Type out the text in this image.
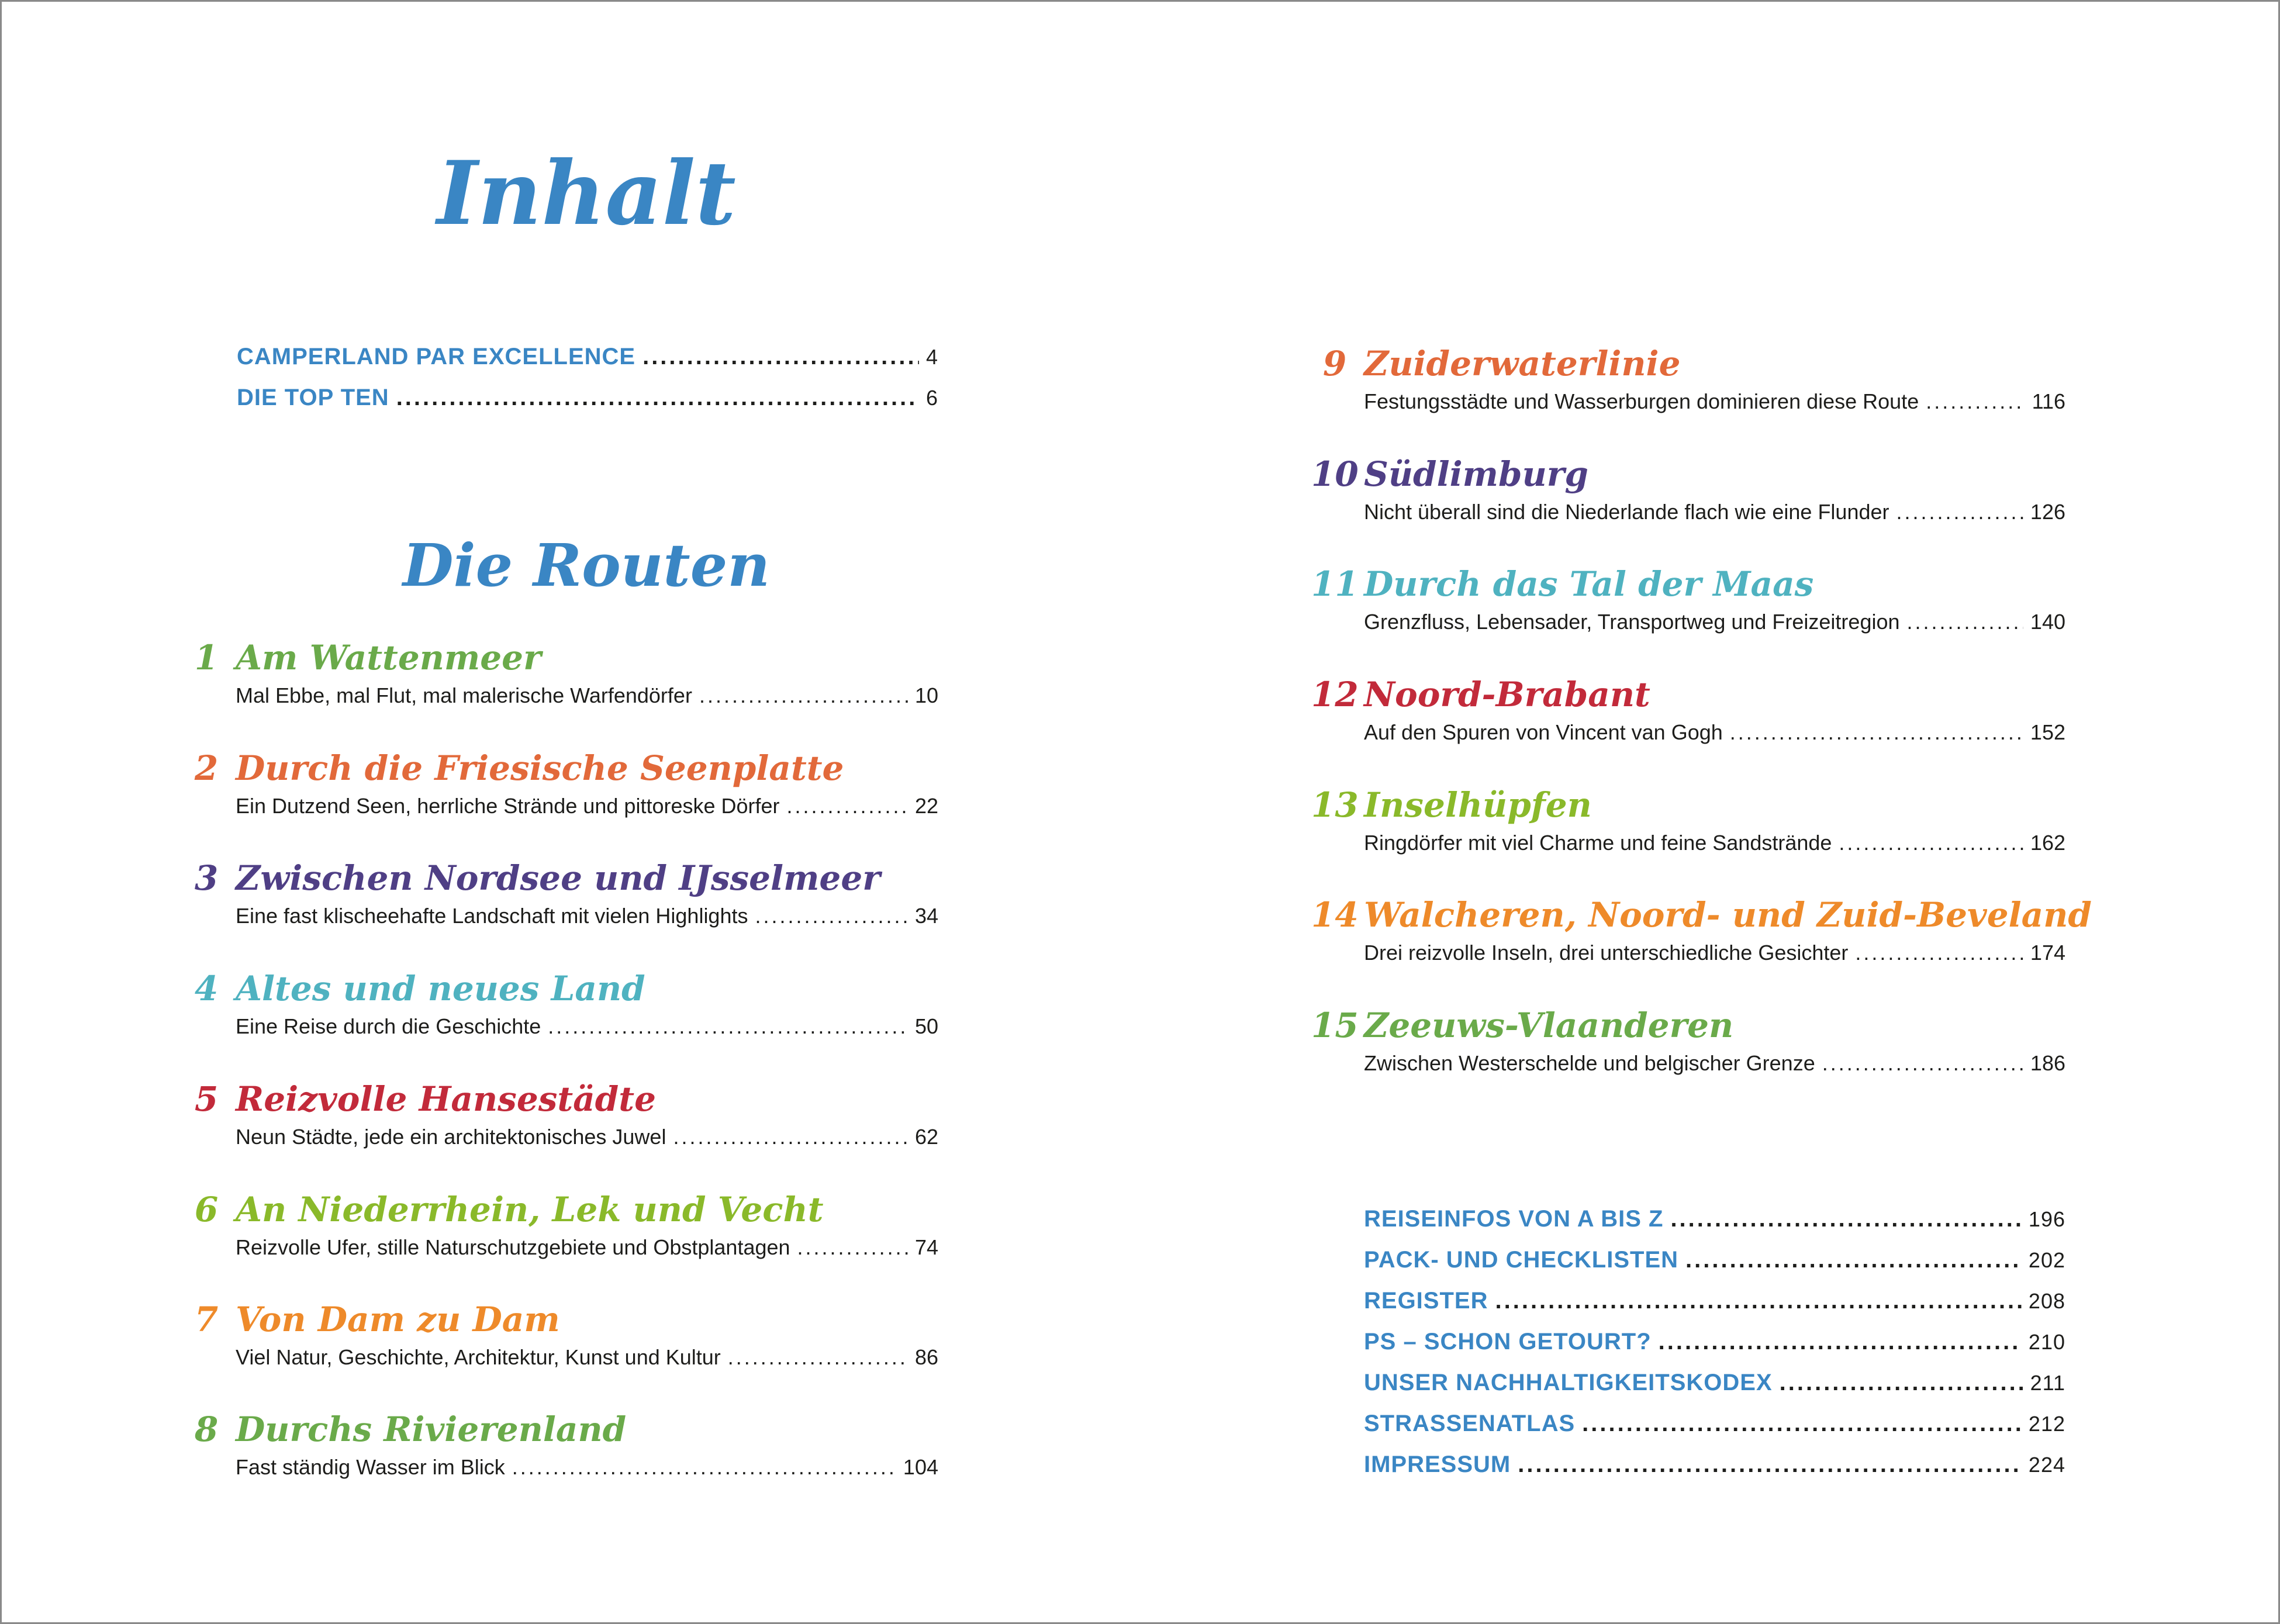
Inhalt
CAMPERLAND PAR EXCELLENCE .....	4
DIE TOP TEN .....	6
Die Routen
1 Am Wattenmeer
Mal Ebbe, mal Flut, mal malerische Warfendörfer .....	10
2 Durch die Friesische Seenplatte
Ein Dutzend Seen, herrliche Strände und pittoreske Dörfer .....	22
3 Zwischen Nordsee und IJsselmeer
Eine fast klischeehafte Landschaft mit vielen Highlights .....	34
4 Altes und neues Land
Eine Reise durch die Geschichte .....	50
5 Reizvolle Hansestädte
Neun Städte, jede ein architektonisches Juwel .....	62
6 An Niederrhein, Lek und Vecht
Reizvolle Ufer, stille Naturschutzgebiete und Obstplantagen .....	74
7 Von Dam zu Dam
Viel Natur, Geschichte, Architektur, Kunst und Kultur .....	86
8 Durchs Rivierenland
Fast ständig Wasser im Blick .....	104
9 Zuiderwaterlinie
Festungsstädte und Wasserburgen dominieren diese Route .....	116
10 Südlimburg
Nicht überall sind die Niederlande flach wie eine Flunder .....	126
11 Durch das Tal der Maas
Grenzfluss, Lebensader, Transportweg und Freizeitregion .....	140
12 Noord-Brabant
Auf den Spuren von Vincent van Gogh .....	152
13 Inselhüpfen
Ringdörfer mit viel Charme und feine Sandstrände .....	162
14 Walcheren, Noord- und Zuid-Beveland
Drei reizvolle Inseln, drei unterschiedliche Gesichter .....	174
15 Zeeuws-Vlaanderen
Zwischen Westerschelde und belgischer Grenze .....	186
REISEINFOS VON A BIS Z .....	196
PACK- UND CHECKLISTEN .....	202
REGISTER .....	208
PS – SCHON GETOURT? .....	210
UNSER NACHHALTIGKEITSKODEX .....	211
STRASSENATLAS .....	212
IMPRESSUM .....	224
